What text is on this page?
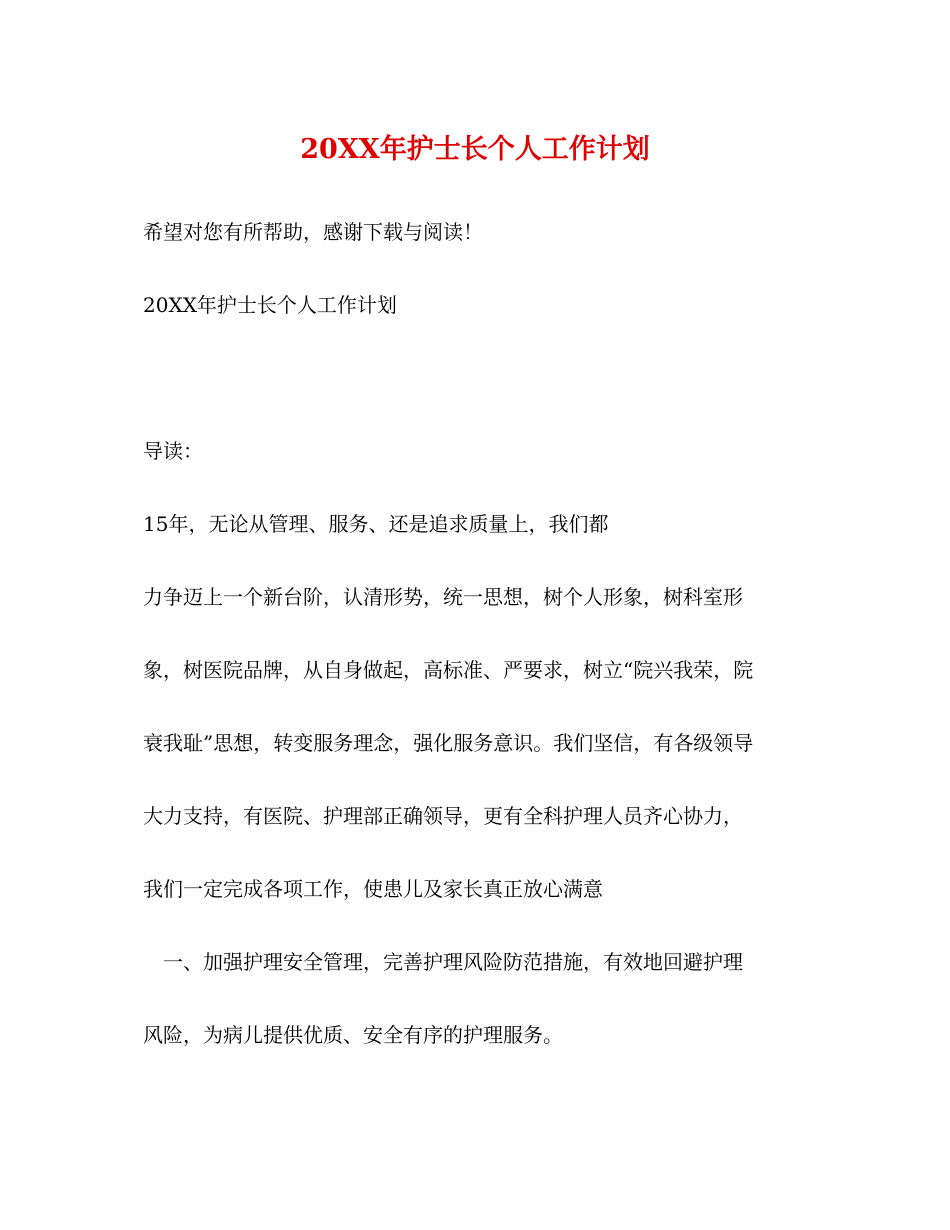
20XX年护士长个人工作计划
希望对您有所帮助，感谢下载与阅读！
20XX年护士长个人工作计划
导读：
15年，无论从管理、服务、还是追求质量上，我们都
力争迈上一个新台阶，认清形势，统一思想，树个人形象，树科室形
象，树医院品牌，从自身做起，高标准、严要求，树立“院兴我荣，院
衰我耻”思想，转变服务理念，强化服务意识。我们坚信，有各级领导
大力支持，有医院、护理部正确领导，更有全科护理人员齐心协力，
我们一定完成各项工作，使患儿及家长真正放心满意
一、加强护理安全管理，完善护理风险防范措施，有效地回避护理
风险，为病儿提供优质、安全有序的护理服务。
